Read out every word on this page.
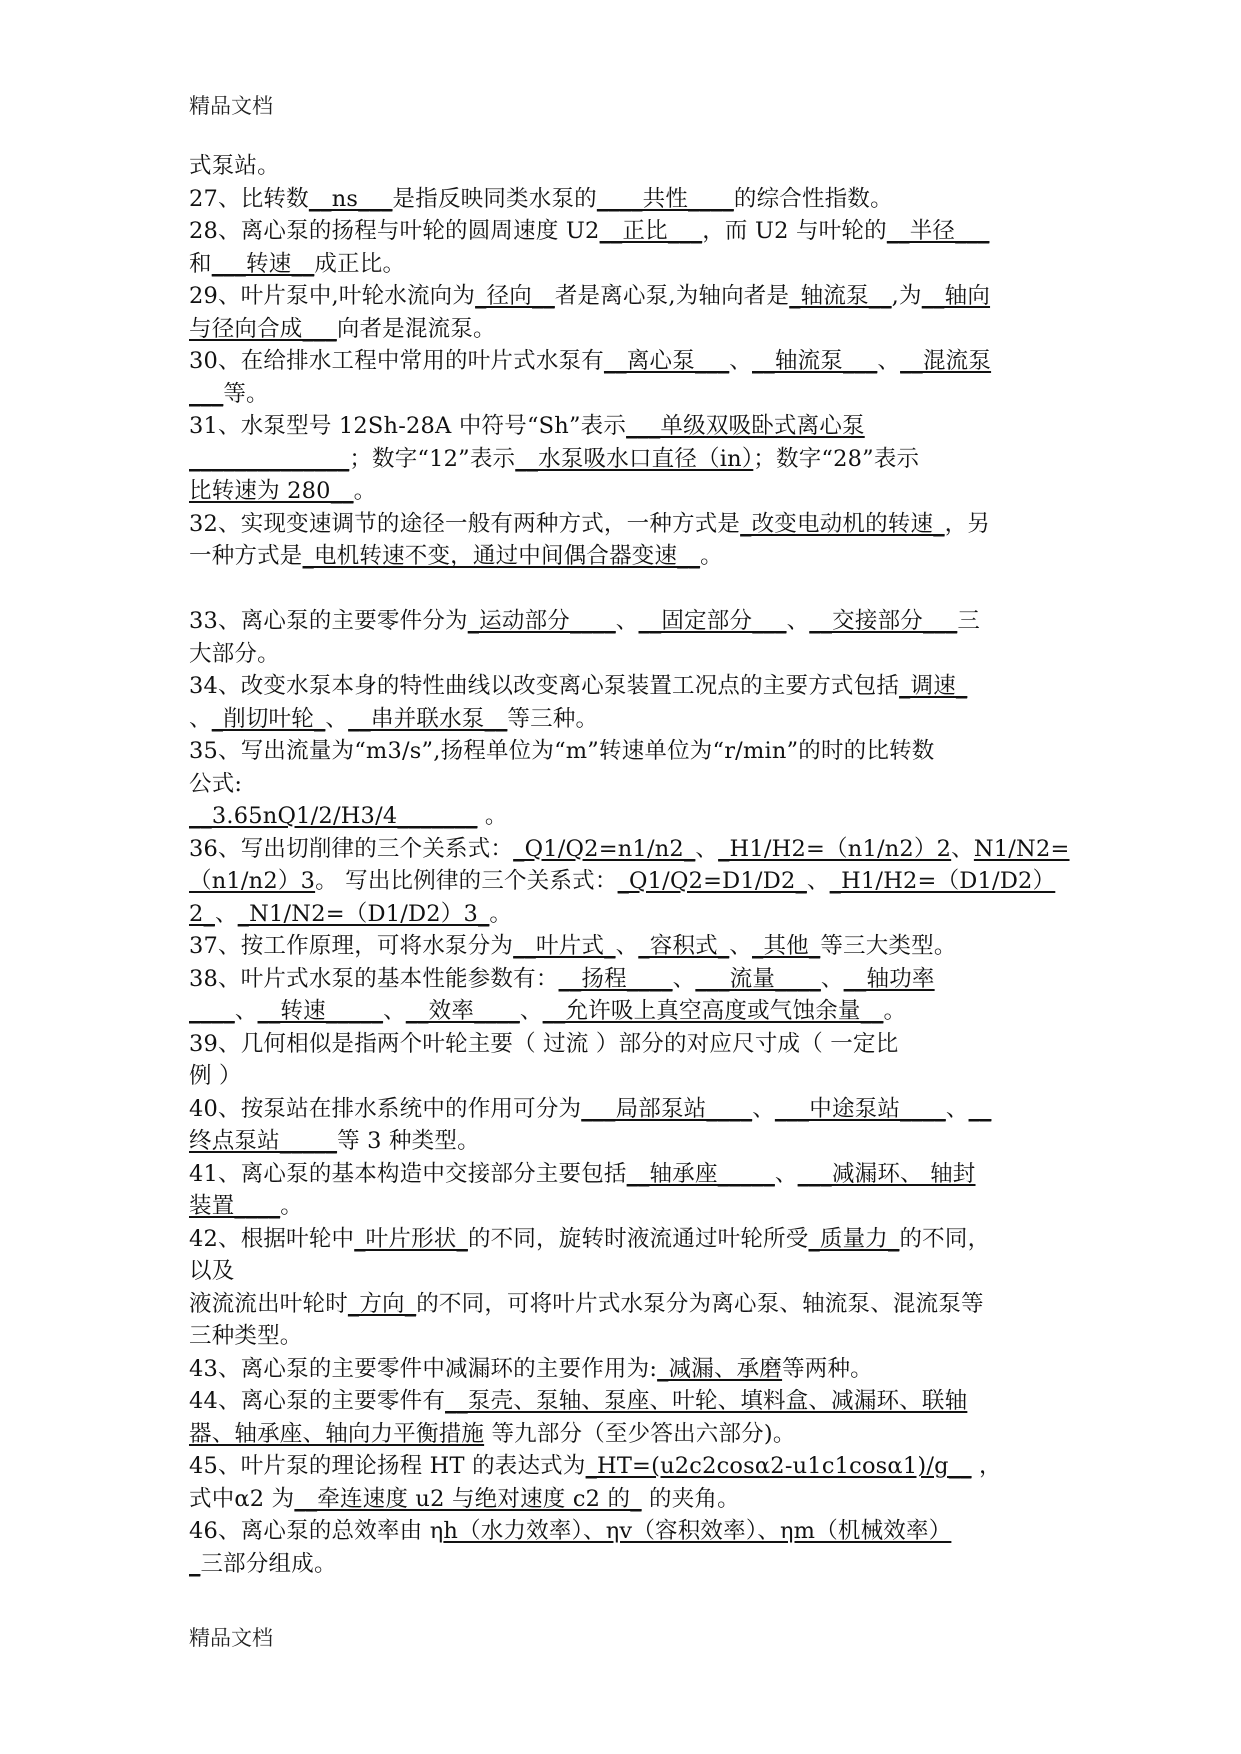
精品文档
式泵站。
27、比转数__ns___是指反映同类水泵的____共性____的综合性指数。
28、离心泵的扬程与叶轮的圆周速度 U2__正比___，而 U2 与叶轮的__半径___
和___转速__成正比。
29、叶片泵中,叶轮水流向为_径向__者是离心泵,为轴向者是_轴流泵__,为__轴向
与径向合成___向者是混流泵。
30、在给排水工程中常用的叶片式水泵有__离心泵___、__轴流泵___、__混流泵
___等。
31、水泵型号 12Sh-28A 中符号“Sh”表示___单级双吸卧式离心泵
______________；数字“12”表示__水泵吸水口直径（in）；数字“28”表示
比转速为 280__。
32、实现变速调节的途径一般有两种方式，一种方式是_改变电动机的转速_，另
一种方式是_电机转速不变，通过中间偶合器变速__。
33、离心泵的主要零件分为_运动部分____、__固定部分___、__交接部分___三
大部分。
34、改变水泵本身的特性曲线以改变离心泵装置工况点的主要方式包括_调速_
、_削切叶轮_、__串并联水泵__等三种。
35、写出流量为“m3/s”,扬程单位为“m”转速单位为“r/min”的时的比转数
公式:
__3.65nQ1/2/H3/4_______ 。
36、写出切削律的三个关系式：_Q1/Q2=n1/n2_、_H1/H2=（n1/n2）2、N1/N2=
（n1/n2）3。 写出比例律的三个关系式：_Q1/Q2=D1/D2_、_H1/H2=（D1/D2）
2_、_N1/N2=（D1/D2）3_。
37、按工作原理，可将水泵分为__叶片式_、_容积式_、_其他_等三大类型。
38、叶片式水泵的基本性能参数有：__扬程____、___流量____、__轴功率
____、__转速_____、__效率____、__允许吸上真空高度或气蚀余量__。
39、几何相似是指两个叶轮主要（ 过流 ）部分的对应尺寸成（ 一定比
例 ）
40、按泵站在排水系统中的作用可分为___局部泵站____、___中途泵站____、__
终点泵站_____等 3 种类型。
41、离心泵的基本构造中交接部分主要包括__轴承座_____、___减漏环、 轴封
装置____。
42、根据叶轮中_叶片形状_的不同，旋转时液流通过叶轮所受_质量力_的不同，
以及
液流流出叶轮时_方向_的不同，可将叶片式水泵分为离心泵、轴流泵、混流泵等
三种类型。
43、离心泵的主要零件中减漏环的主要作用为:_减漏、承磨等两种。
44、离心泵的主要零件有__泵壳、泵轴、泵座、叶轮、填料盒、减漏环、联轴
器、轴承座、轴向力平衡措施 等九部分（至少答出六部分)。
45、叶片泵的理论扬程 HT 的表达式为_HT=(u2c2cosα2-u1c1cosα1)/g__ ，
式中α2 为__牵连速度 u2 与绝对速度 c2 的_ 的夹角。
46、离心泵的总效率由 ηh（水力效率）、ηv（容积效率）、ηm（机械效率）
_三部分组成。
精品文档
